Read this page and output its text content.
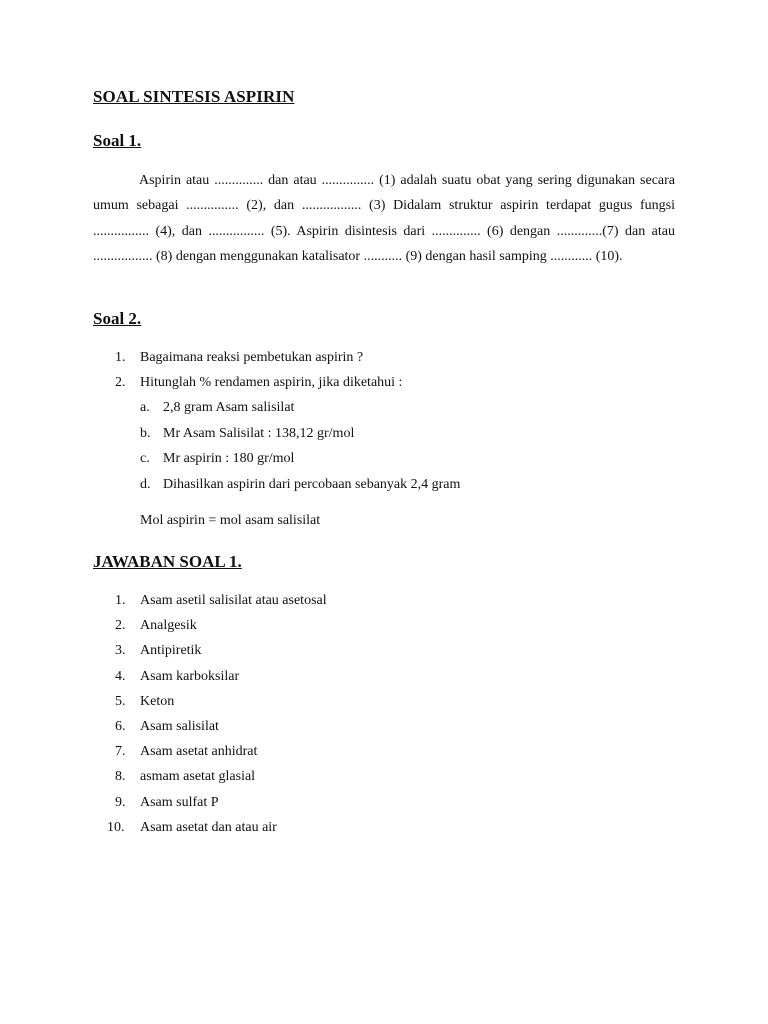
SOAL SINTESIS ASPIRIN
Soal 1.

Aspirin atau .............. dan atau ............... (1) adalah suatu obat yang sering digunakan secara umum sebagai ............... (2), dan ................. (3) Didalam struktur aspirin terdapat gugus fungsi ................ (4), dan ................ (5). Aspirin disintesis dari .............. (6) dengan .............(7) dan atau ................. (8) dengan menggunakan katalisator ........... (9) dengan hasil samping ............ (10).

Soal 2.
1. Bagaimana reaksi pembetukan aspirin ?
2. Hitunglah % rendamen aspirin, jika diketahui :
a. 2,8 gram Asam salisilat
b. Mr Asam Salisilat : 138,12 gr/mol
c. Mr aspirin : 180 gr/mol
d. Dihasilkan aspirin dari percobaan sebanyak 2,4 gram

Mol aspirin = mol asam salisilat

JAWABAN SOAL 1.
1. Asam asetil salisilat atau asetosal
2. Analgesik
3. Antipiretik
4. Asam karboksilar
5. Keton
6. Asam salisilat
7. Asam asetat anhidrat
8. asmam asetat glasial
9. Asam sulfat P
10. Asam asetat dan atau air
